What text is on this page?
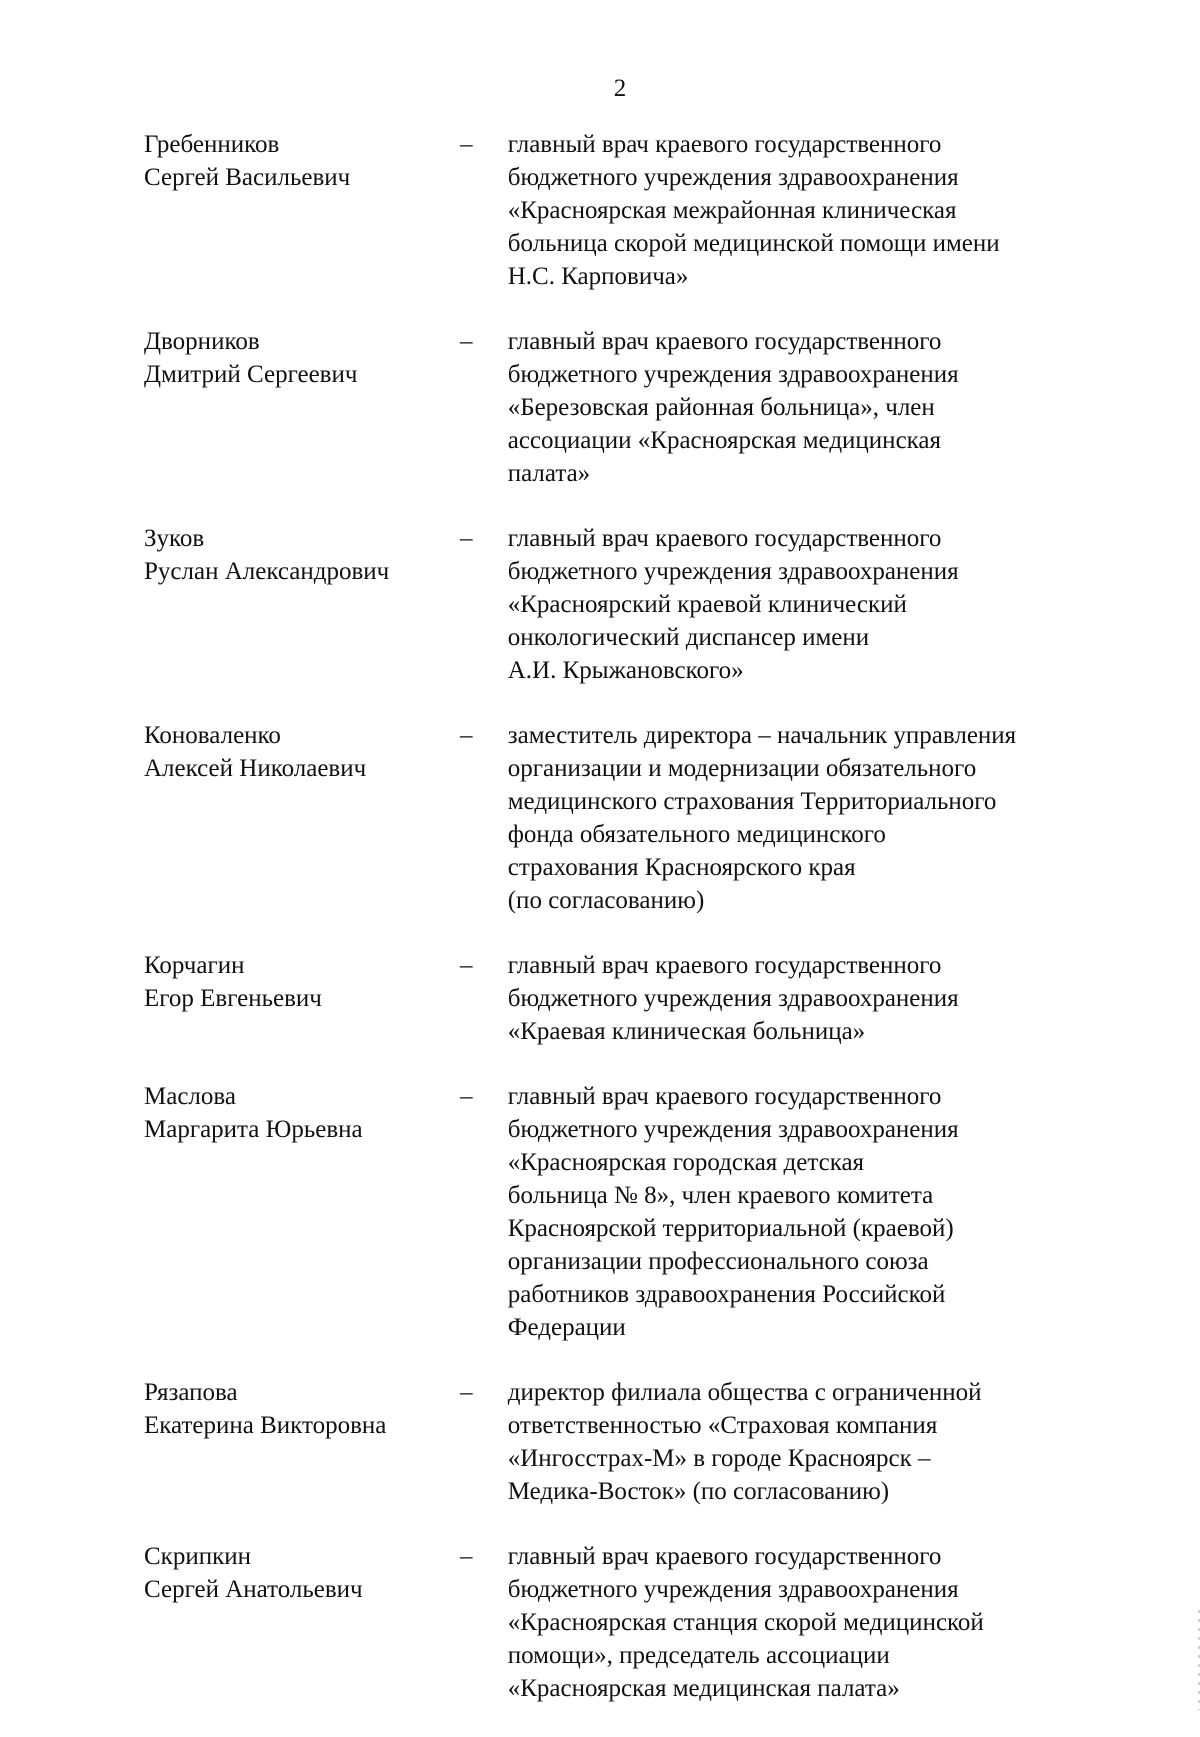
2
Гребенников
Сергей Васильевич
–	главный врач краевого государственного
бюджетного учреждения здравоохранения
«Красноярская межрайонная клиническая
больница скорой медицинской помощи имени
Н.С. Карповича»
Дворников
Дмитрий Сергеевич
–	главный врач краевого государственного
бюджетного учреждения здравоохранения
«Березовская районная больница», член
ассоциации «Красноярская медицинская
палата»
Зуков
Руслан Александрович
–	главный врач краевого государственного
бюджетного учреждения здравоохранения
«Красноярский краевой клинический
онкологический диспансер имени
А.И. Крыжановского»
Коноваленко
Алексей Николаевич
–	заместитель директора – начальник управления
организации и модернизации обязательного
медицинского страхования Территориального
фонда обязательного медицинского
страхования Красноярского края
(по согласованию)
Корчагин
Егор Евгеньевич
–	главный врач краевого государственного
бюджетного учреждения здравоохранения
«Краевая клиническая больница»
Маслова
Маргарита Юрьевна
–	главный врач краевого государственного
бюджетного учреждения здравоохранения
«Красноярская городская детская
больница № 8», член краевого комитета
Красноярской территориальной (краевой)
организации профессионального союза
работников здравоохранения Российской
Федерации
Рязапова
Екатерина Викторовна
–	директор филиала общества с ограниченной
ответственностью «Страховая компания
«Ингосстрах-М» в городе Красноярск –
Медика-Восток» (по согласованию)
Скрипкин
Сергей Анатольевич
–	главный врач краевого государственного
бюджетного учреждения здравоохранения
«Красноярская станция скорой медицинской
помощи», председатель ассоциации
«Красноярская медицинская палата»
